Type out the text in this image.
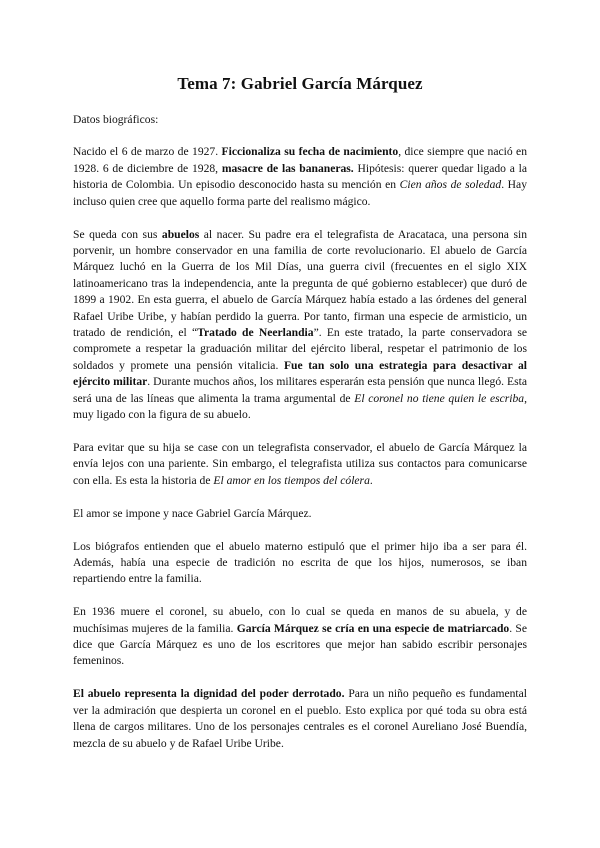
Tema 7: Gabriel García Márquez

Datos biográficos:

Nacido el 6 de marzo de 1927. Ficcionaliza su fecha de nacimiento, dice siempre que nació en 1928. 6 de diciembre de 1928, masacre de las bananeras. Hipótesis: querer quedar ligado a la historia de Colombia. Un episodio desconocido hasta su mención en Cien años de soledad. Hay incluso quien cree que aquello forma parte del realismo mágico.

Se queda con sus abuelos al nacer. Su padre era el telegrafista de Aracataca, una persona sin porvenir, un hombre conservador en una familia de corte revolucionario. El abuelo de García Márquez luchó en la Guerra de los Mil Días, una guerra civil (frecuentes en el siglo XIX latinoamericano tras la independencia, ante la pregunta de qué gobierno establecer) que duró de 1899 a 1902. En esta guerra, el abuelo de García Márquez había estado a las órdenes del general Rafael Uribe Uribe, y habían perdido la guerra. Por tanto, firman una especie de armisticio, un tratado de rendición, el “Tratado de Neerlandia”. En este tratado, la parte conservadora se compromete a respetar la graduación militar del ejército liberal, respetar el patrimonio de los soldados y promete una pensión vitalicia. Fue tan solo una estrategia para desactivar al ejército militar. Durante muchos años, los militares esperarán esta pensión que nunca llegó. Esta será una de las líneas que alimenta la trama argumental de El coronel no tiene quien le escriba, muy ligado con la figura de su abuelo.

Para evitar que su hija se case con un telegrafista conservador, el abuelo de García Márquez la envía lejos con una pariente. Sin embargo, el telegrafista utiliza sus contactos para comunicarse con ella. Es esta la historia de El amor en los tiempos del cólera.

El amor se impone y nace Gabriel García Márquez.

Los biógrafos entienden que el abuelo materno estipuló que el primer hijo iba a ser para él. Además, había una especie de tradición no escrita de que los hijos, numerosos, se iban repartiendo entre la familia.

En 1936 muere el coronel, su abuelo, con lo cual se queda en manos de su abuela, y de muchísimas mujeres de la familia. García Márquez se cría en una especie de matriarcado. Se dice que García Márquez es uno de los escritores que mejor han sabido escribir personajes femeninos.

El abuelo representa la dignidad del poder derrotado. Para un niño pequeño es fundamental ver la admiración que despierta un coronel en el pueblo. Esto explica por qué toda su obra está llena de cargos militares. Uno de los personajes centrales es el coronel Aureliano José Buendía, mezcla de su abuelo y de Rafael Uribe Uribe.
